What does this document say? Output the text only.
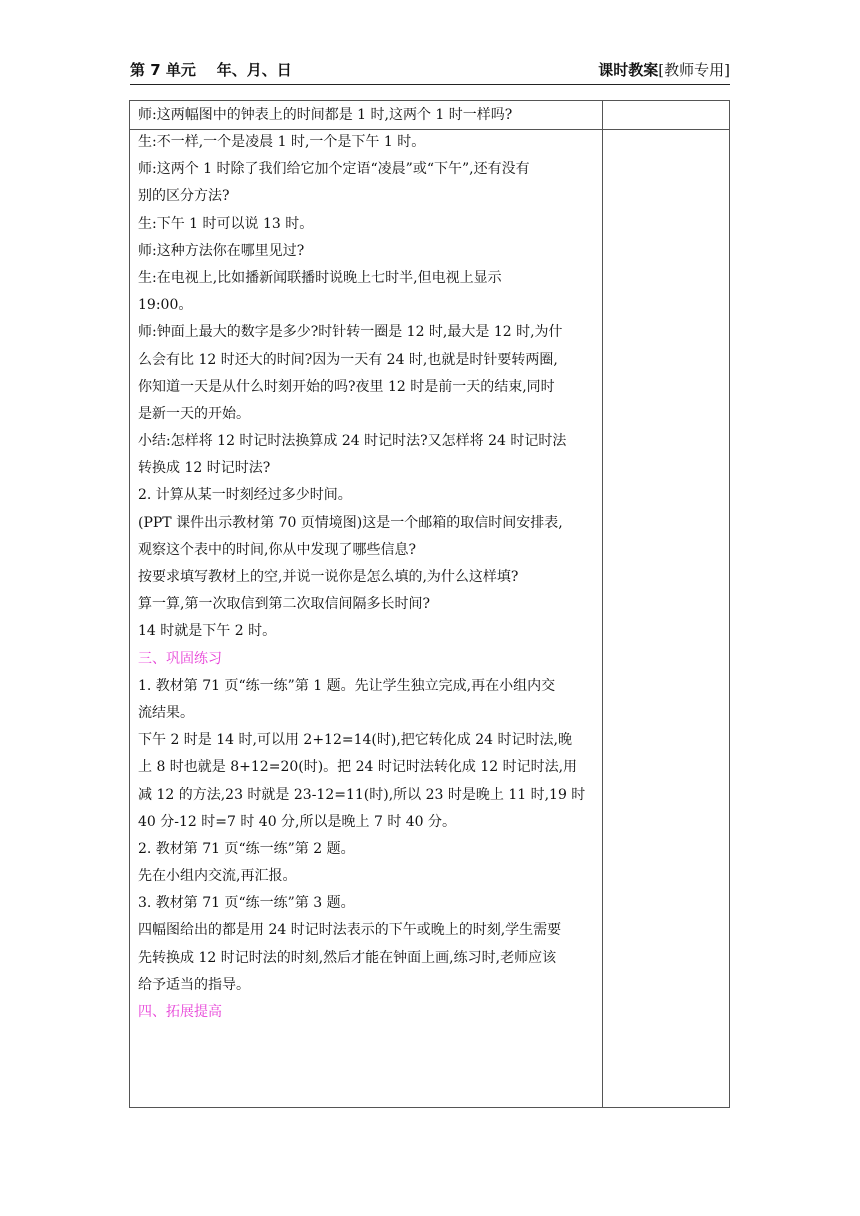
第 7 单元    年、月、日	课时教案[教师专用]
师:这两幅图中的钟表上的时间都是 1 时,这两个 1 时一样吗?
生:不一样,一个是凌晨 1 时,一个是下午 1 时。
师:这两个 1 时除了我们给它加个定语“凌晨”或“下午”,还有没有
别的区分方法?
生:下午 1 时可以说 13 时。
师:这种方法你在哪里见过?
生:在电视上,比如播新闻联播时说晚上七时半,但电视上显示
19:00。
师:钟面上最大的数字是多少?时针转一圈是 12 时,最大是 12 时,为什
么会有比 12 时还大的时间?因为一天有 24 时,也就是时针要转两圈,
你知道一天是从什么时刻开始的吗?夜里 12 时是前一天的结束,同时
是新一天的开始。
小结:怎样将 12 时记时法换算成 24 时记时法?又怎样将 24 时记时法
转换成 12 时记时法?
2. 计算从某一时刻经过多少时间。
(PPT 课件出示教材第 70 页情境图)这是一个邮箱的取信时间安排表,
观察这个表中的时间,你从中发现了哪些信息?
按要求填写教材上的空,并说一说你是怎么填的,为什么这样填?
算一算,第一次取信到第二次取信间隔多长时间?
14 时就是下午 2 时。
三、巩固练习
1. 教材第 71 页“练一练”第 1 题。先让学生独立完成,再在小组内交
流结果。
下午 2 时是 14 时,可以用 2+12=14(时),把它转化成 24 时记时法,晚
上 8 时也就是 8+12=20(时)。把 24 时记时法转化成 12 时记时法,用
减 12 的方法,23 时就是 23-12=11(时),所以 23 时是晚上 11 时,19 时
40 分-12 时=7 时 40 分,所以是晚上 7 时 40 分。
2. 教材第 71 页“练一练”第 2 题。
先在小组内交流,再汇报。
3. 教材第 71 页“练一练”第 3 题。
四幅图给出的都是用 24 时记时法表示的下午或晚上的时刻,学生需要
先转换成 12 时记时法的时刻,然后才能在钟面上画,练习时,老师应该
给予适当的指导。
四、拓展提高
